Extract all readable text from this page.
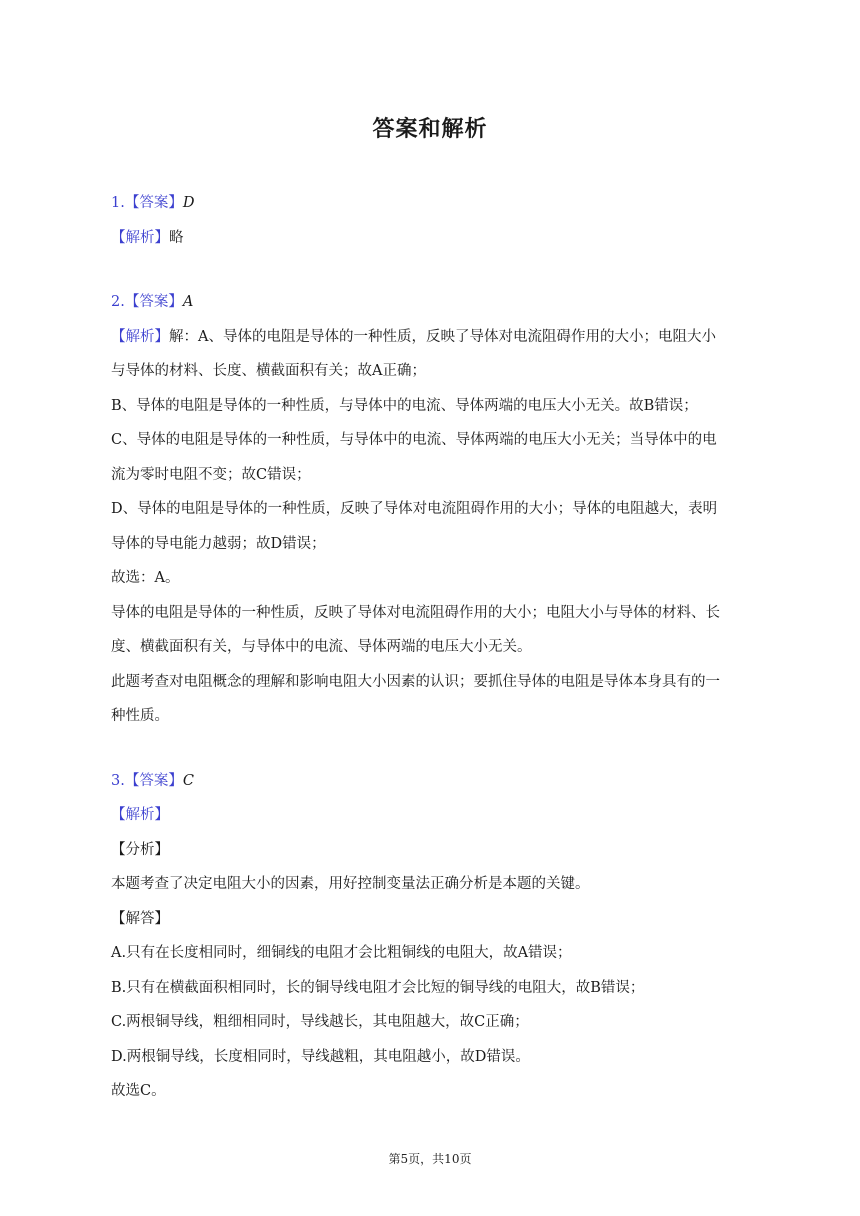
答案和解析
1.【答案】D
【解析】略
2.【答案】A
【解析】解：A、导体的电阻是导体的一种性质，反映了导体对电流阻碍作用的大小；电阻大小
与导体的材料、长度、横截面积有关；故A正确；
B、导体的电阻是导体的一种性质，与导体中的电流、导体两端的电压大小无关。故B错误；
C、导体的电阻是导体的一种性质，与导体中的电流、导体两端的电压大小无关；当导体中的电
流为零时电阻不变；故C错误；
D、导体的电阻是导体的一种性质，反映了导体对电流阻碍作用的大小；导体的电阻越大，表明
导体的导电能力越弱；故D错误；
故选：A。
导体的电阻是导体的一种性质，反映了导体对电流阻碍作用的大小；电阻大小与导体的材料、长
度、横截面积有关，与导体中的电流、导体两端的电压大小无关。
此题考查对电阻概念的理解和影响电阻大小因素的认识；要抓住导体的电阻是导体本身具有的一
种性质。
3.【答案】C
【解析】
【分析】
本题考查了决定电阻大小的因素，用好控制变量法正确分析是本题的关键。
【解答】
A.只有在长度相同时，细铜线的电阻才会比粗铜线的电阻大，故A错误；
B.只有在横截面积相同时，长的铜导线电阻才会比短的铜导线的电阻大，故B错误；
C.两根铜导线，粗细相同时，导线越长，其电阻越大，故C正确；
D.两根铜导线，长度相同时，导线越粗，其电阻越小，故D错误。
故选C。
第5页，共10页
